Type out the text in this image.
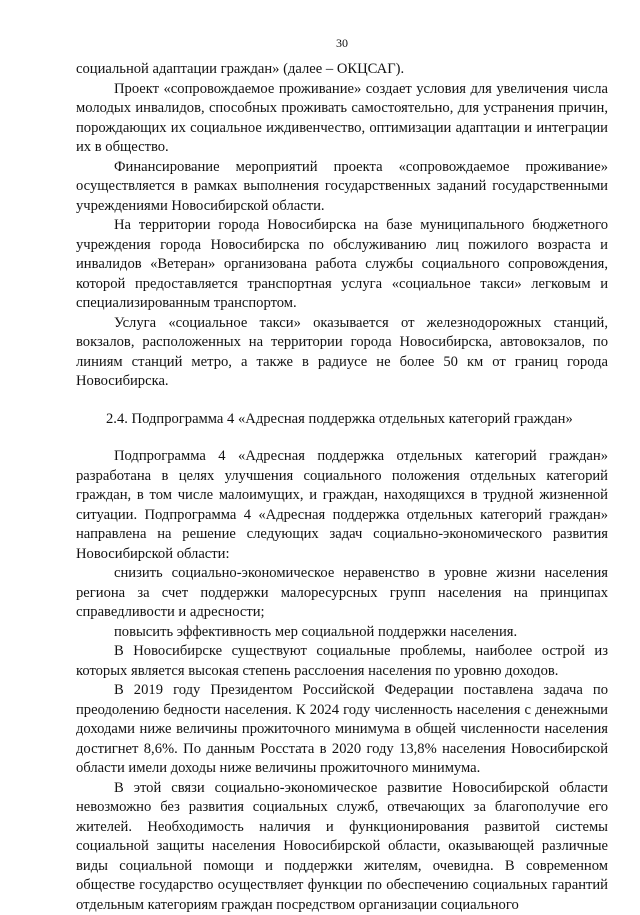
30

социальной адаптации граждан» (далее – ОКЦСАГ).

Проект «сопровождаемое проживание» создает условия для увеличения числа молодых инвалидов, способных проживать самостоятельно, для устранения причин, порождающих их социальное иждивенчество, оптимизации адаптации и интеграции их в общество.

Финансирование мероприятий проекта «сопровождаемое проживание» осуществляется в рамках выполнения государственных заданий государственными учреждениями Новосибирской области.

На территории города Новосибирска на базе муниципального бюджетного учреждения города Новосибирска по обслуживанию лиц пожилого возраста и инвалидов «Ветеран» организована работа службы социального сопровождения, которой предоставляется транспортная услуга «социальное такси» легковым и специализированным транспортом.

Услуга «социальное такси» оказывается от железнодорожных станций, вокзалов, расположенных на территории города Новосибирска, автовокзалов, по линиям станций метро, а также в радиусе не более 50 км от границ города Новосибирска.

2.4. Подпрограмма 4 «Адресная поддержка отдельных категорий граждан»

Подпрограмма 4 «Адресная поддержка отдельных категорий граждан» разработана в целях улучшения социального положения отдельных категорий граждан, в том числе малоимущих, и граждан, находящихся в трудной жизненной ситуации. Подпрограмма 4 «Адресная поддержка отдельных категорий граждан» направлена на решение следующих задач социально-экономического развития Новосибирской области:

снизить социально-экономическое неравенство в уровне жизни населения региона за счет поддержки малоресурсных групп населения на принципах справедливости и адресности;

повысить эффективность мер социальной поддержки населения.

В Новосибирске существуют социальные проблемы, наиболее острой из которых является высокая степень расслоения населения по уровню доходов.

В 2019 году Президентом Российской Федерации поставлена задача по преодолению бедности населения. К 2024 году численность населения с денежными доходами ниже величины прожиточного минимума в общей численности населения достигнет 8,6%. По данным Росстата в 2020 году 13,8% населения Новосибирской области имели доходы ниже величины прожиточного минимума.

В этой связи социально-экономическое развитие Новосибирской области невозможно без развития социальных служб, отвечающих за благополучие его жителей. Необходимость наличия и функционирования развитой системы социальной защиты населения Новосибирской области, оказывающей различные виды социальной помощи и поддержки жителям, очевидна. В современном обществе государство осуществляет функции по обеспечению социальных гарантий отдельным категориям граждан посредством организации социального
